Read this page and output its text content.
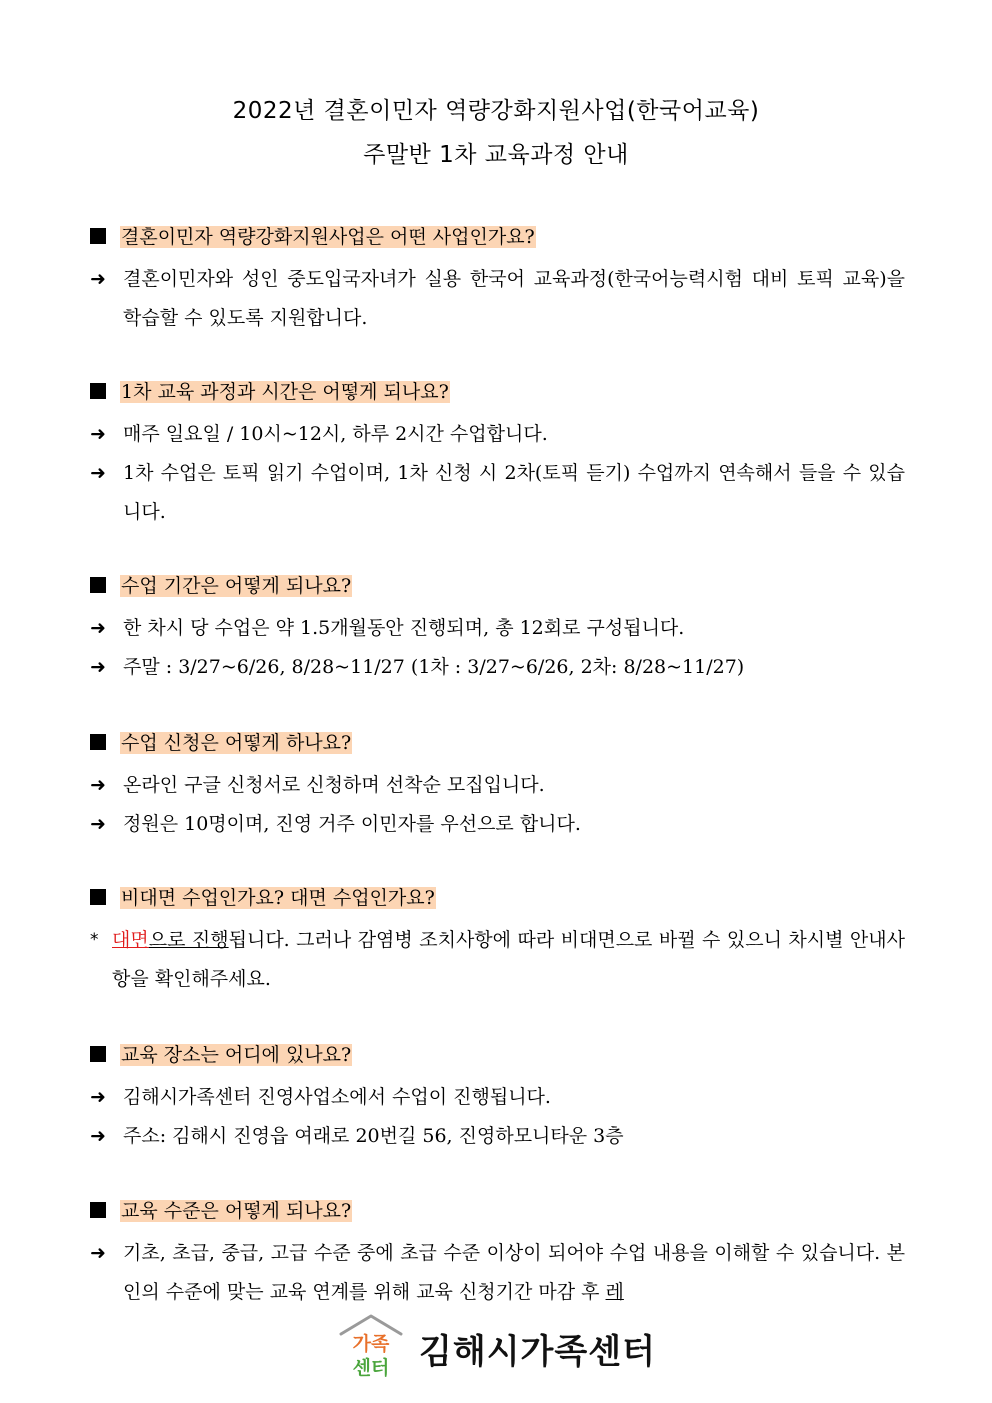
2022년 결혼이민자 역량강화지원사업(한국어교육)
주말반 1차 교육과정 안내
결혼이민자 역량강화지원사업은 어떤 사업인가요?
➜ 결혼이민자와 성인 중도입국자녀가 실용 한국어 교육과정(한국어능력시험 대비 토픽 교육)을 학습할 수 있도록 지원합니다.
1차 교육 과정과 시간은 어떻게 되나요?
➜ 매주 일요일 / 10시~12시, 하루 2시간 수업합니다.
➜ 1차 수업은 토픽 읽기 수업이며, 1차 신청 시 2차(토픽 듣기) 수업까지 연속해서 들을 수 있습니다.
수업 기간은 어떻게 되나요?
➜ 한 차시 당 수업은 약 1.5개월동안 진행되며, 총 12회로 구성됩니다.
➜ 주말 : 3/27~6/26, 8/28~11/27 (1차 : 3/27~6/26, 2차: 8/28~11/27)
수업 신청은 어떻게 하나요?
➜ 온라인 구글 신청서로 신청하며 선착순 모집입니다.
➜ 정원은 10명이며, 진영 거주 이민자를 우선으로 합니다.
비대면 수업인가요? 대면 수업인가요?
* 대면으로 진행됩니다. 그러나 감염병 조치사항에 따라 비대면으로 바뀔 수 있으니 차시별 안내사항을 확인해주세요.
교육 장소는 어디에 있나요?
➜ 김해시가족센터 진영사업소에서 수업이 진행됩니다.
➜ 주소: 김해시 진영읍 여래로 20번길 56, 진영하모니타운 3층
교육 수준은 어떻게 되나요?
➜ 기초, 초급, 중급, 고급 수준 중에 초급 수준 이상이 되어야 수업 내용을 이해할 수 있습니다. 본인의 수준에 맞는 교육 연계를 위해 교육 신청기간 마감 후 레
가족
센터 김해시가족센터
